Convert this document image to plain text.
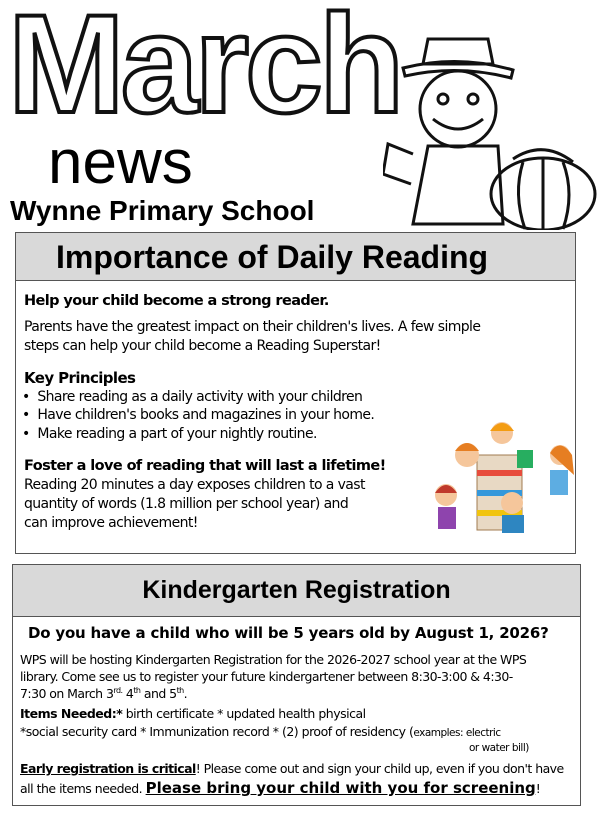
March
news
Wynne Primary School
Importance of Daily Reading
Help your child become a strong reader.
Parents have the greatest impact on their children's lives. A few simple
steps can help your child become a Reading Superstar!
Key Principles
•  Share reading as a daily activity with your children
•  Have children's books and magazines in your home.
•  Make reading a part of your nightly routine.
Foster a love of reading that will last a lifetime!
Reading 20 minutes a day exposes children to a vast
quantity of words (1.8 million per school year) and
can improve achievement!
Kindergarten Registration
Do you have a child who will be 5 years old by August 1, 2026?
WPS will be hosting Kindergarten Registration for the 2026-2027 school year at the WPS
library. Come see us to register your future kindergartener between 8:30-3:00 & 4:30-
7:30 on March $3^{rd.}$ 4th and 5th.
Items Needed:* birth certificate * updated health physical
*social security card * Immunization record * (2) proof of residency (examples: electric
or water bill)
Early registration is critical! Please come out and sign your child up, even if you don't have
all the items needed. Please bring your child with you for screening!
